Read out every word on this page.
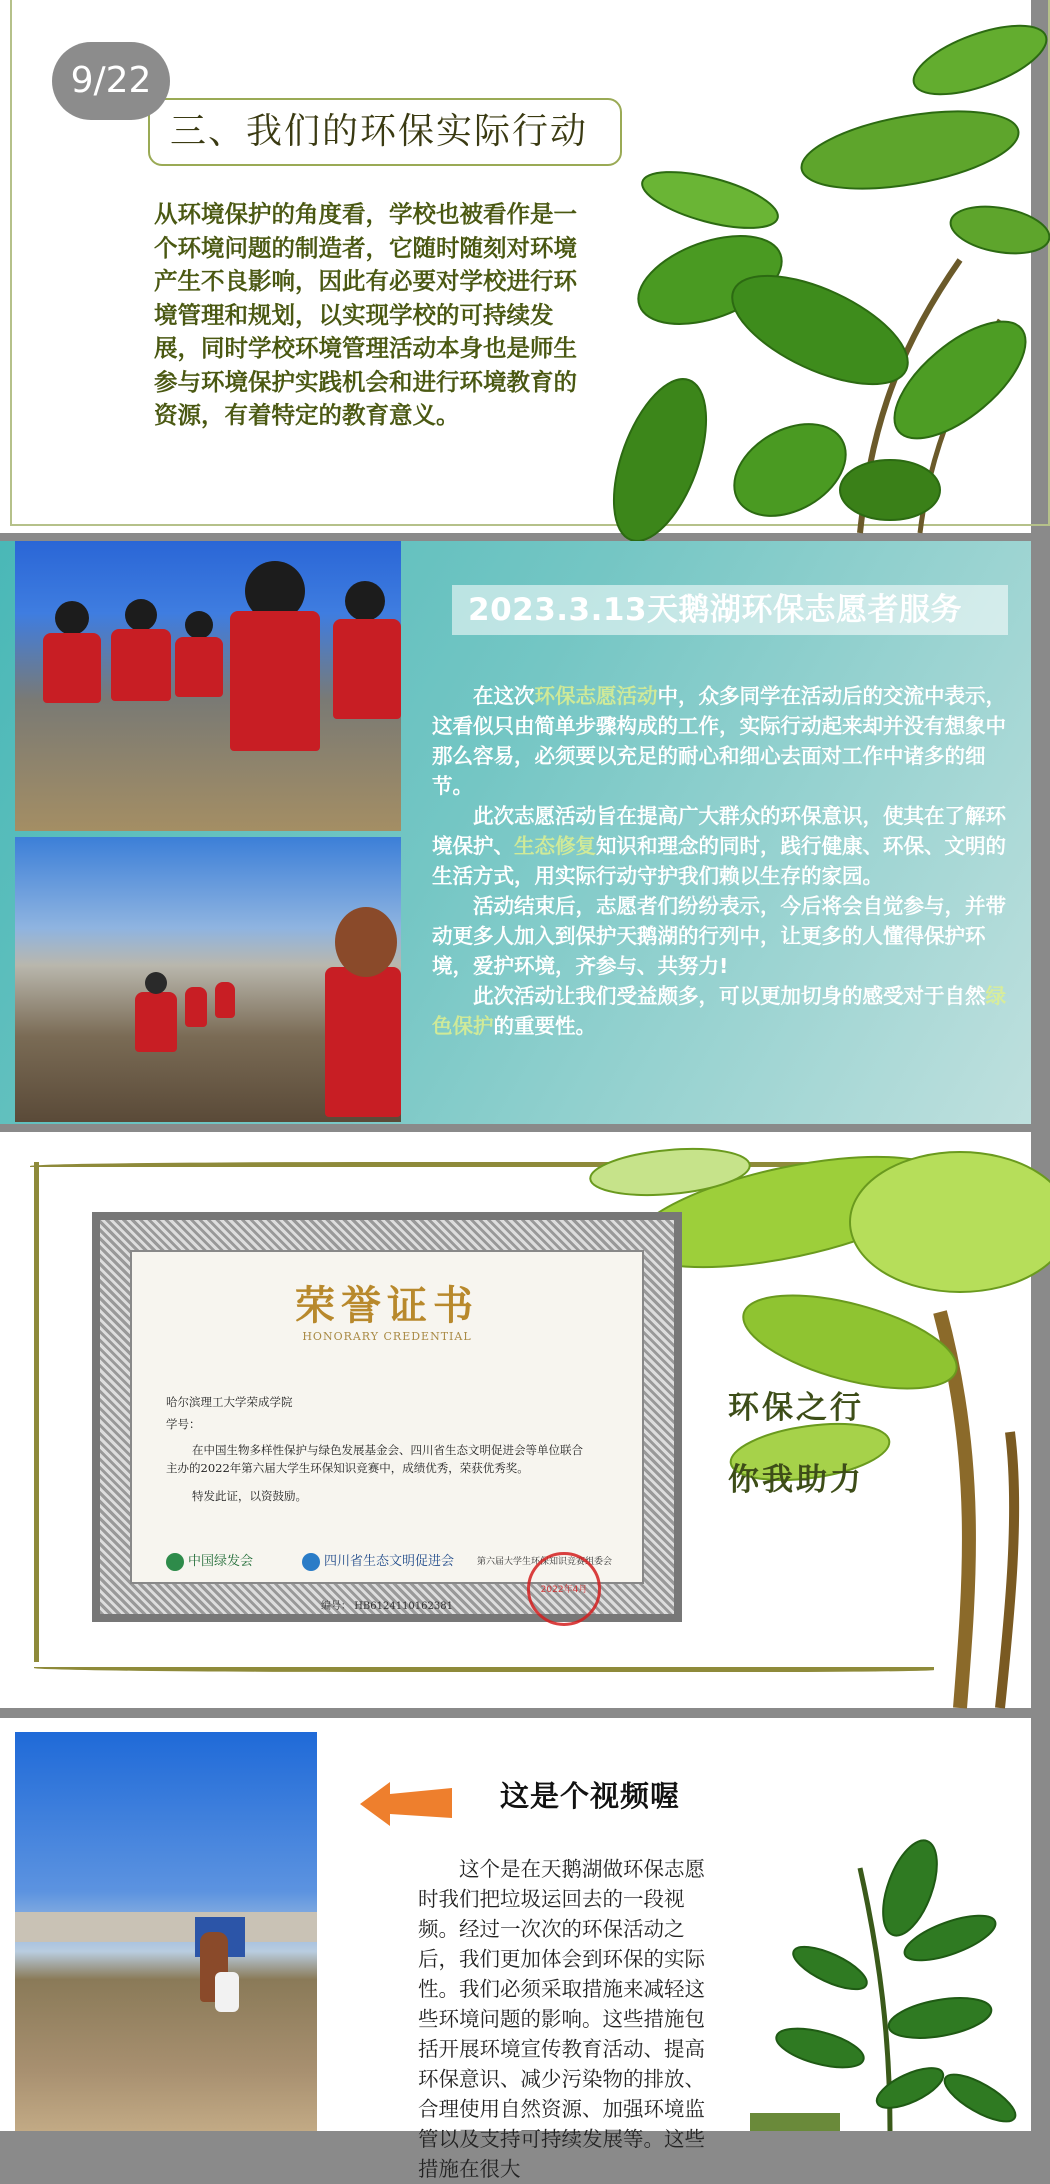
9/22
三、我们的环保实际行动
从环境保护的角度看，学校也被看作是一个环境问题的制造者，它随时随刻对环境产生不良影响，因此有必要对学校进行环境管理和规划，以实现学校的可持续发展，同时学校环境管理活动本身也是师生参与环境保护实践机会和进行环境教育的资源，有着特定的教育意义。
2023.3.13天鹅湖环保志愿者服务

在这次环保志愿活动中，众多同学在活动后的交流中表示，这看似只由简单步骤构成的工作，实际行动起来却并没有想象中那么容易，必须要以充足的耐心和细心去面对工作中诸多的细节。

此次志愿活动旨在提高广大群众的环保意识，使其在了解环境保护、生态修复知识和理念的同时，践行健康、环保、文明的生活方式，用实际行动守护我们赖以生存的家园。

活动结束后，志愿者们纷纷表示，今后将会自觉参与，并带动更多人加入到保护天鹅湖的行列中，让更多的人懂得保护环境，爱护环境，齐参与、共努力!

此次活动让我们受益颇多，可以更加切身的感受对于自然绿色保护的重要性。

荣誉证书
HONORARY CREDENTIAL
哈尔滨理工大学荣成学院
学号：
在中国生物多样性保护与绿色发展基金会、四川省生态文明促进会等单位联合
主办的2022年第六届大学生环保知识竞赛中，成绩优秀，荣获优秀奖。
特发此证，以资鼓励。
中国绿发会	四川省生态文明促进会	第六届大学生环保知识竞赛组委会
2022年4月
编号： HB6124110162381
环保之行
你我助力
这是个视频喔

这个是在天鹅湖做环保志愿时我们把垃圾运回去的一段视频。经过一次次的环保活动之后，我们更加体会到环保的实际性。我们必须采取措施来减轻这些环境问题的影响。这些措施包括开展环境宣传教育活动、提高环保意识、减少污染物的排放、合理使用自然资源、加强环境监管以及支持可持续发展等。这些措施在很大
